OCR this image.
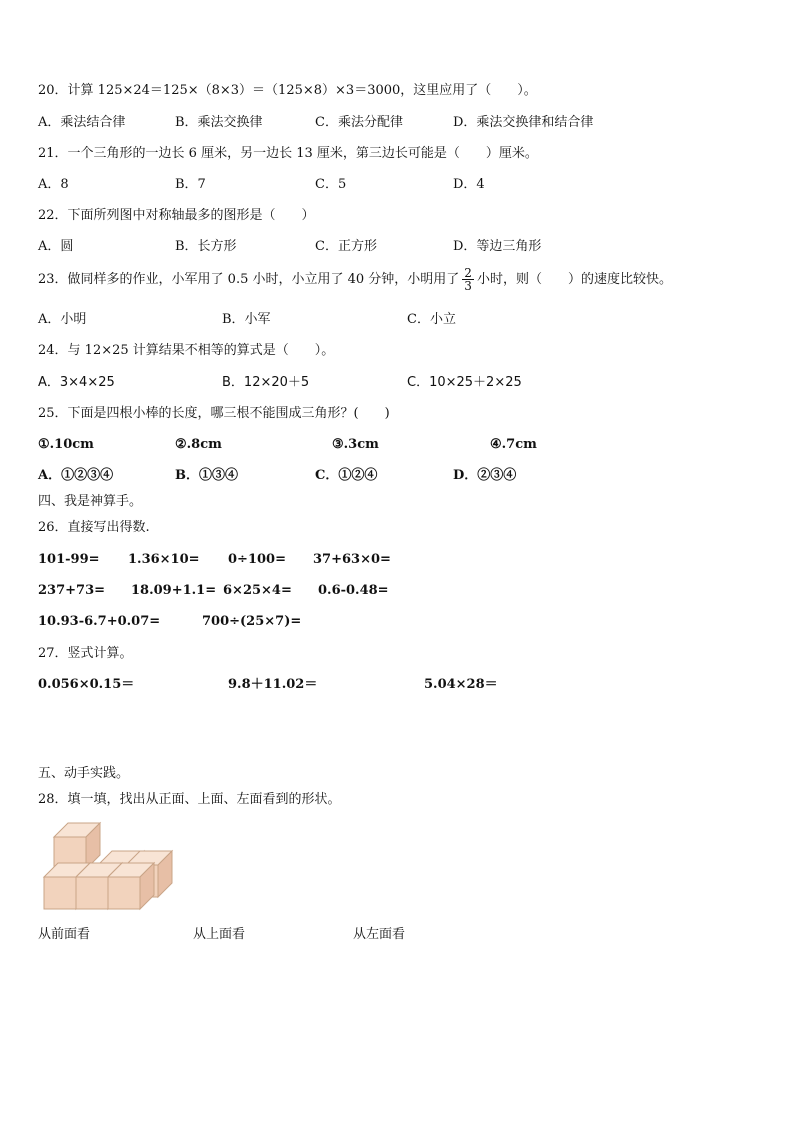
20．计算 125×24＝125×（8×3）＝（125×8）×3＝3000，这里应用了（　　）。
A．乘法结合律	B．乘法交换律	C．乘法分配律	D．乘法交换律和结合律
21．一个三角形的一边长 6 厘米，另一边长 13 厘米，第三边长可能是（　　）厘米。
A．8	B．7	C．5	D．4
22．下面所列图中对称轴最多的图形是（　　）
A．圆	B．长方形	C．正方形	D．等边三角形
23．做同样多的作业，小军用了 0.5 小时，小立用了 40 分钟，小明用了 $\frac{2}{3}$ 小时，则（　　）的速度比较快。
A．小明	B．小军	C．小立
24．与 12×25 计算结果不相等的算式是（　　）。
A．3×4×25	B．12×20＋5	C．10×25＋2×25
25．下面是四根小棒的长度，哪三根不能围成三角形？(　　)
①.10cm	②.8cm	③.3cm	④.7cm
A．①②③④	B．①③④	C．①②④	D．②③④
四、我是神算手。
26．直接写出得数.
101-99= 1.36×10= 0÷100= 37+63×0=
237+73= 18.09+1.1= 6×25×4= 0.6-0.48=
10.93-6.7+0.07=	700÷(25×7)=
27．竖式计算。
0.056×0.15＝	9.8＋11.02＝	5.04×28＝
五、动手实践。
28．填一填，找出从正面、上面、左面看到的形状。
从前面看	从上面看	从左面看
